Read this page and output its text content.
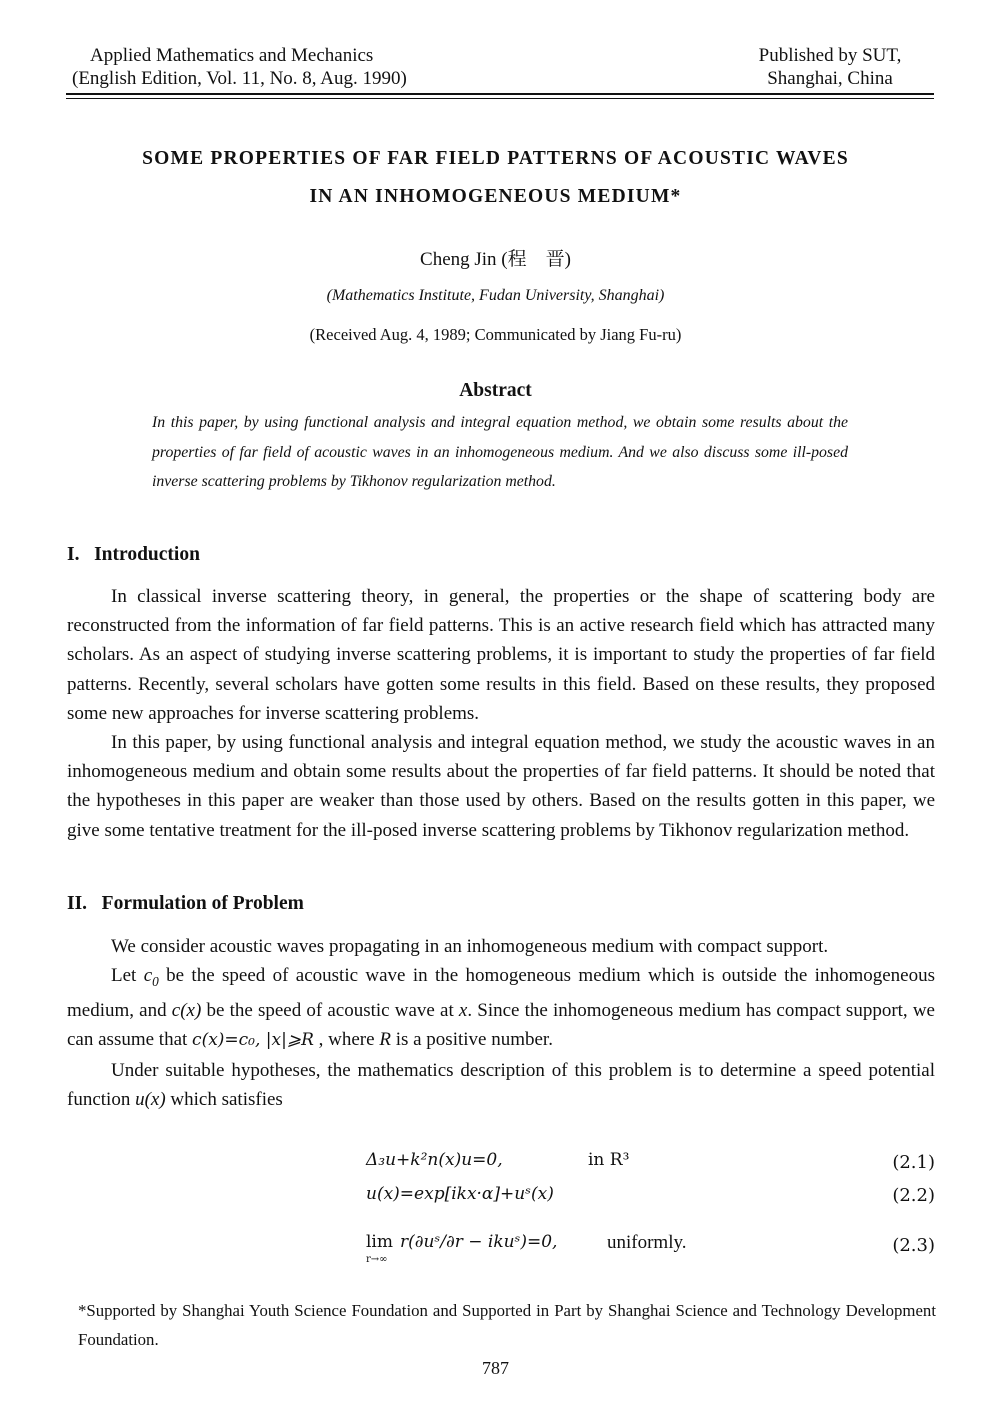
Applied Mathematics and Mechanics
(English Edition, Vol. 11, No. 8, Aug. 1990)
Published by SUT,
Shanghai, China
SOME PROPERTIES OF FAR FIELD PATTERNS OF ACOUSTIC WAVES
IN AN INHOMOGENEOUS MEDIUM*
Cheng Jin (程　晋)
(Mathematics Institute, Fudan University, Shanghai)
(Received Aug. 4, 1989; Communicated by Jiang Fu-ru)
Abstract
In this paper, by using functional analysis and integral equation method, we obtain some results about the properties of far field of acoustic waves in an inhomogeneous medium. And we also discuss some ill-posed inverse scattering problems by Tikhonov regularization method.
I.   Introduction

In classical inverse scattering theory, in general, the properties or the shape of scattering body are reconstructed from the information of far field patterns. This is an active research field which has attracted many scholars. As an aspect of studying inverse scattering problems, it is important to study the properties of far field patterns. Recently, several scholars have gotten some results in this field. Based on these results, they proposed some new approaches for inverse scattering problems.

In this paper, by using functional analysis and integral equation method, we study the acoustic waves in an inhomogeneous medium and obtain some results about the properties of far field patterns. It should be noted that the hypotheses in this paper are weaker than those used by others. Based on the results gotten in this paper, we give some tentative treatment for the ill-posed inverse scattering problems by Tikhonov regularization method.

II.   Formulation of Problem

We consider acoustic waves propagating in an inhomogeneous medium with compact support.

Let $c_0$ be the speed of acoustic wave in the homogeneous medium which is outside the inhomogeneous medium, and c(x) be the speed of acoustic wave at x. Since the inhomogeneous medium has compact support, we can assume that c(x)=c₀, |x|⩾R , where R is a positive number.

Under suitable hypotheses, the mathematics description of this problem is to determine a speed potential function u(x) which satisfies

Δ₃u+k²n(x)u=0,	in R³	(2.1)
u(x)=exp[ikx·α]+uˢ(x)	(2.2)
lim
r→∞
r(∂uˢ/∂r − ikuˢ)=0,	uniformly.	(2.3)
*Supported by Shanghai Youth Science Foundation and Supported in Part by Shanghai Science and Technology Development Foundation.
787
